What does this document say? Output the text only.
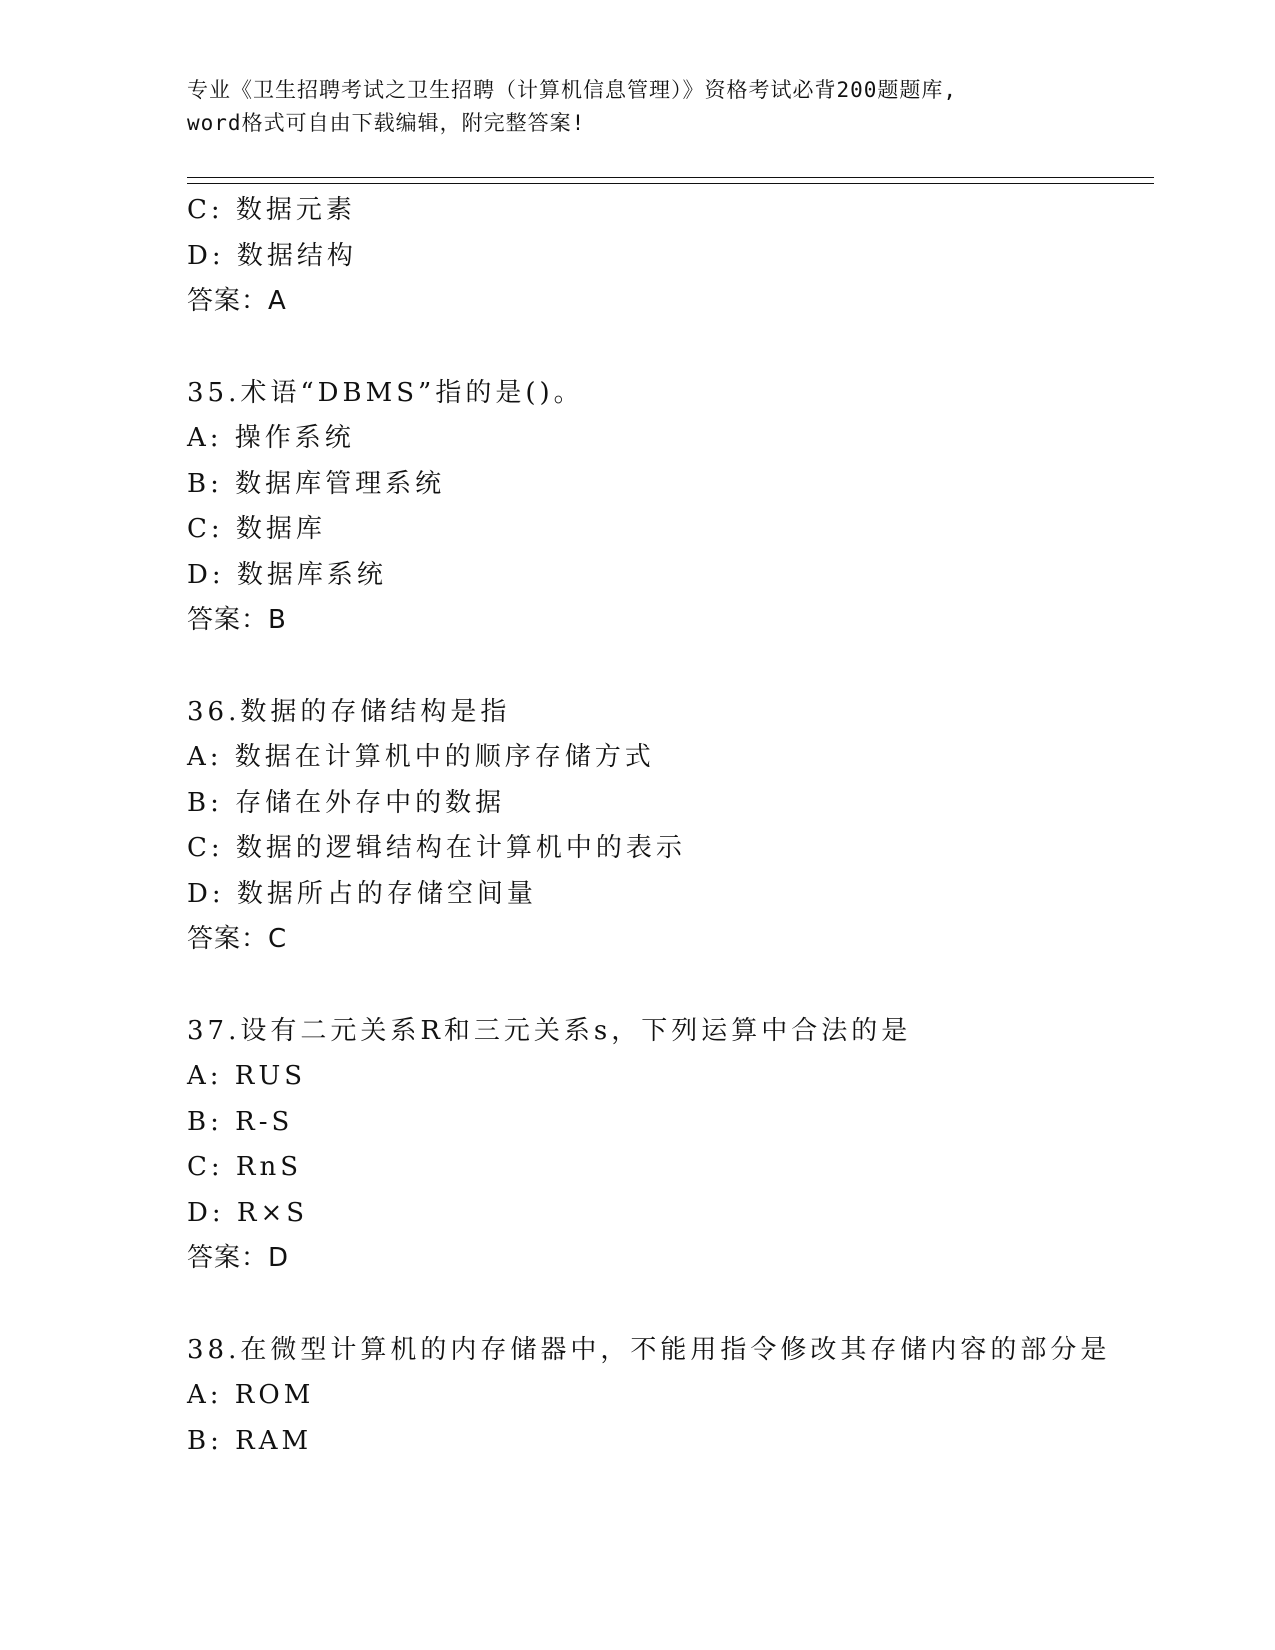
专业《卫生招聘考试之卫生招聘（计算机信息管理）》资格考试必背200题题库,
word格式可自由下载编辑，附完整答案!
C: 数据元素
D: 数据结构
答案：A
35.术语“DBMS”指的是()。
A: 操作系统
B: 数据库管理系统
C: 数据库
D: 数据库系统
答案：B
36.数据的存储结构是指
A: 数据在计算机中的顺序存储方式
B: 存储在外存中的数据
C: 数据的逻辑结构在计算机中的表示
D: 数据所占的存储空间量
答案：C
37.设有二元关系R和三元关系s，下列运算中合法的是
A: RUS
B: R-S
C: RnS
D: R×S
答案：D
38.在微型计算机的内存储器中，不能用指令修改其存储内容的部分是
A: ROM
B: RAM
